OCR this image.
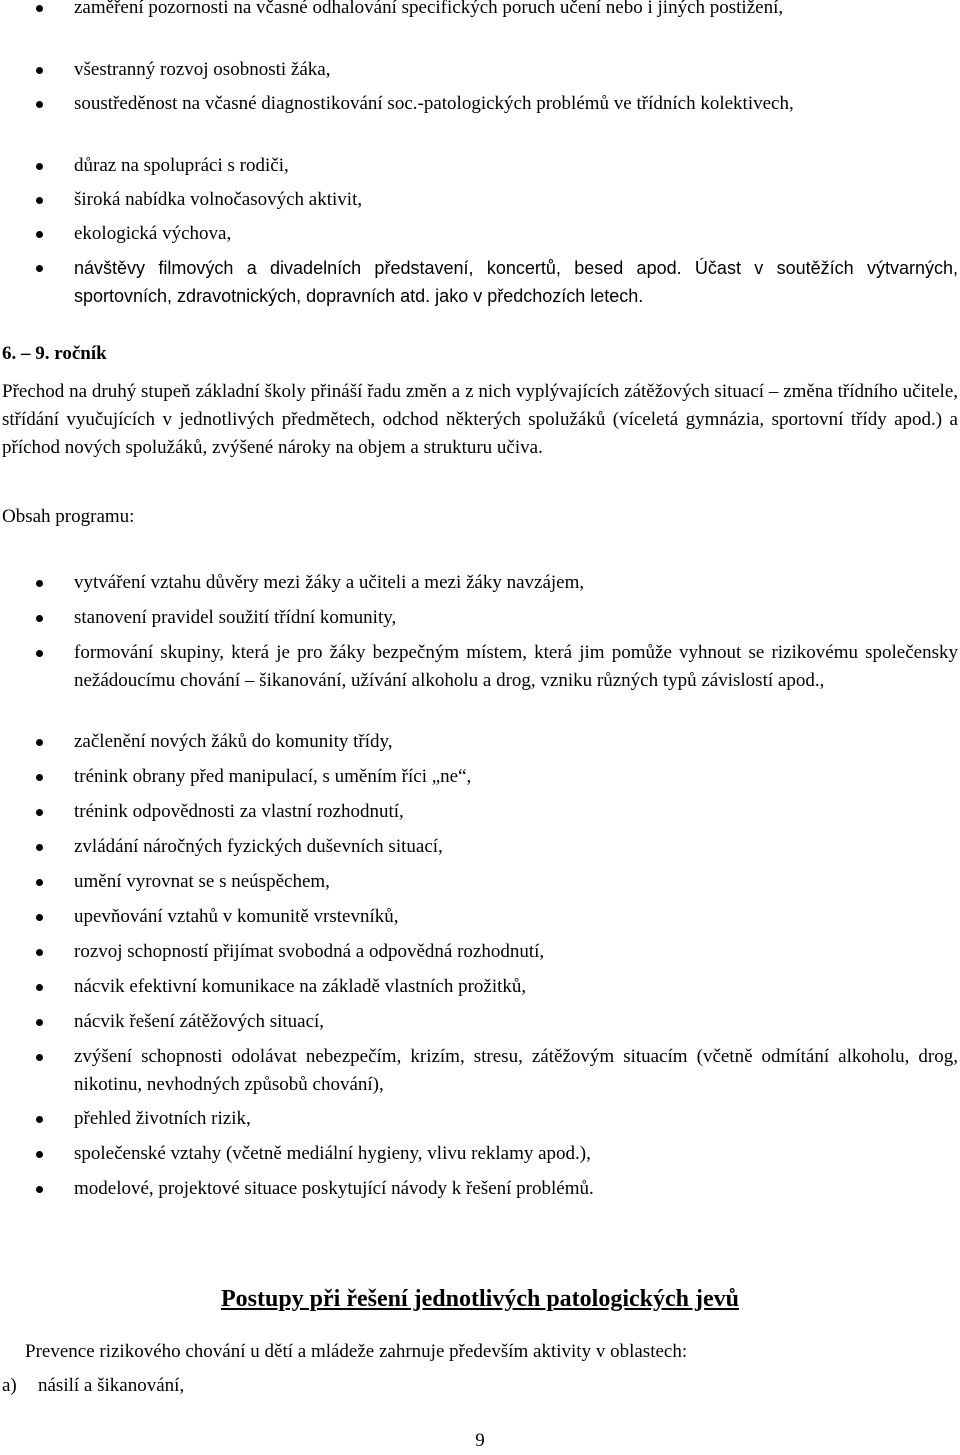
zaměření pozornosti na včasné odhalování specifických poruch učení nebo i jiných postižení,
všestranný rozvoj osobnosti žáka,
soustředěnost na včasné diagnostikování soc.-patologických problémů ve třídních kolektivech,
důraz na spolupráci s rodiči,
široká nabídka volnočasových aktivit,
ekologická výchova,
návštěvy filmových a divadelních představení, koncertů, besed apod. Účast v soutěžích výtvarných, sportovních, zdravotnických, dopravních atd. jako v předchozích letech.
6. – 9. ročník

Přechod na druhý stupeň základní školy přináší řadu změn a z nich vyplývajících zátěžových situací – změna třídního učitele, střídání vyučujících v jednotlivých předmětech, odchod některých spolužáků (víceletá gymnázia, sportovní třídy apod.) a příchod nových spolužáků, zvýšené nároky na objem a strukturu učiva.

Obsah programu:

vytváření vztahu důvěry mezi žáky a učiteli a mezi žáky navzájem,
stanovení pravidel soužití třídní komunity,
formování skupiny, která je pro žáky bezpečným místem, která jim pomůže vyhnout se rizikovému společensky nežádoucímu chování – šikanování, užívání alkoholu a drog, vzniku různých typů závislostí apod.,
začlenění nových žáků do komunity třídy,
trénink obrany před manipulací, s uměním říci „ne“,
trénink odpovědnosti za vlastní rozhodnutí,
zvládání náročných fyzických duševních situací,
umění vyrovnat se s neúspěchem,
upevňování vztahů v komunitě vrstevníků,
rozvoj schopností přijímat svobodná a odpovědná rozhodnutí,
nácvik efektivní komunikace na základě vlastních prožitků,
nácvik řešení zátěžových situací,
zvýšení schopnosti odolávat nebezpečím, krizím, stresu, zátěžovým situacím (včetně odmítání alkoholu, drog, nikotinu, nevhodných způsobů chování),
přehled životních rizik,
společenské vztahy (včetně mediální hygieny, vlivu reklamy apod.),
modelové, projektové situace poskytující návody k řešení problémů.
Postupy při řešení jednotlivých patologických jevů
Prevence rizikového chování u dětí a mládeže zahrnuje především aktivity v oblastech:
a) násilí a šikanování,
9
